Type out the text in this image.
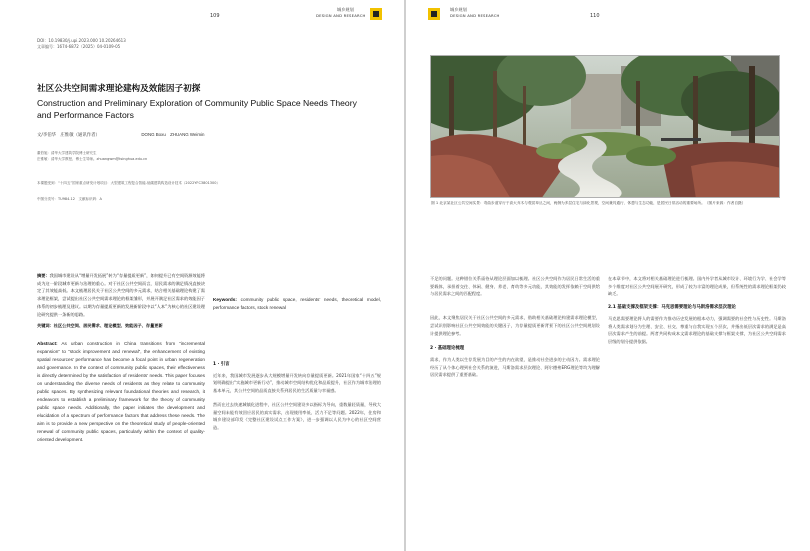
城乡规划
DESIGN AND RESEARCH
109
DOI：10.19830/j.upi.2023.000 10.20264613
文章编号：1674-6872（2025）04-0109-05
社区公共空间需求理论建构及效能因子初探
Construction and Preliminary Exploration of Community Public Space Needs Theory and Performance Factors
文/李伯华　庄惟敏（通讯作者）	DONG Boxu　ZHUANG Weimin
董伯旭：清华大学建筑学院博士研究生
庄惟敏：清华大学教授、博士生导师。zhuangwm@tsinghua.edu.cn
本课题受到：“十四五”国家重点研发计划项目：大型建筑工程复合智能-低碳建筑构造设计技术（2022YFC3801300）
中图分类号：TU984.12　文献标识码：A
摘要：我国城市建设从“增量开发拓展”转为“存量提质更新”，如何提升已有空间资源效能将成为这一阶段城市更新与治理的重心。对于社区公共空间而言，居民需求的满足情况直接决定了其效能高低。本文梳理居民关于社区公共空间的多元需求，结合相关基础理论构建了需求理论框架，尝试提出社区公共空间需求理论的框架雏形，并展开满足社区需求的效能因子体系的初步梳理及建议。以期为存量提质更新的发展新阶段中以“人本”为核心的社区建设理论研究提供一条新的思路。
关键词：社区公共空间、居民需求、理论模型、效能因子、存量更新
Abstract: As urban construction in China transitions from “incremental expansion” to “stock improvement and renewal”, the enhancement of existing spatial resources’ performance has become a focal point in urban regeneration and governance. In the context of community public spaces, their effectiveness is directly determined by the satisfaction of residents’ needs. This paper focuses on understanding the diverse needs of residents as they relate to community public spaces. By synthesizing relevant foundational theories and research, it endeavors to establish a preliminary framework for the theory of community public space needs. Additionally, the paper initiates the development and elucidation of a spectrum of performance factors that address these needs. The aim is to provide a new perspective on the theoretical study of people-oriented renewal of community public spaces, particularly within the context of quality-oriented development.
Keywords: community public space, residents’ needs, theoretical model, performance factors, stock renewal
1 · 引言
近年来，我国城市发展逐步从大规模增量开发转向存量提质更新。2021年国家“十四五”规划明确提出“实施城市更新行动”，推动城市空间结构优化和品质提升，社区作为城市治理的基本单元，其公共空间的品质直接关系到居民的生活质量与幸福感。
然而在过去快速城镇化进程中，社区公共空间建设多以指标为导向，重数量轻质量，导致大量空间未能有效回应居民的真实需求，出现使用率低、活力不足等问题。2022年，住房和城乡建设部印发《完整社区建设试点工作方案》，进一步强调以人民为中心的社区空间营造。
城乡规划
DESIGN AND RESEARCH	110
不足的问题。这种错位关系亟待从理论层面加以梳理。社区公共空间作为居民日常生活的重要载体，承担着交往、休闲、健身、养老、育幼等多元功能，其效能的发挥依赖于空间供给与居民需求之间的匹配程度。
因此，本文聚焦居民关于社区公共空间的多元需求，借助相关基础理论构建需求理论模型，尝试识别影响社区公共空间效能的关键因子，为存量提质更新背景下的社区公共空间规划设计提供理论参考。
2 · 基础理论梳理
需求，作为人类以生存发展为目的产生的内在欲望，是推动社会进步的主动因力。需求理论经历了从个体心理到社会关系的演进，马斯洛需求层次理论、阿尔德弗ERG理论等均为理解居民需求提供了重要基础。
在本章节中，本文将对相关基础理论进行梳理。国内外学者从城市设计、环境行为学、社会学等多个维度对社区公共空间展开研究，形成了较为丰富的理论成果，但系统性的需求理论框架仍较缺乏。
2.1 基础支撑及框架支撑：马克思需要理论与马斯洛需求层次理论
马克思需要理论将人的需要作为推动历史发展的根本动力，强调需要的社会性与历史性。马斯洛将人类需求划分为生理、安全、社交、尊重与自我实现五个层次，并指出低层次需求的满足是高层次需求产生的前提。两者共同构成本文需求理论的基础支撑与框架支撑，为社区公共空间需求层级的划分提供依据。
图 1 北京某社区公共空间实景：弯曲步道穿行于高大乔木与观赏草丛之间，两侧为多层住宅与绿化景观，空间兼具通行、休憩与生态功能，是居民日常活动的重要场所。（图片来源：作者自摄）
